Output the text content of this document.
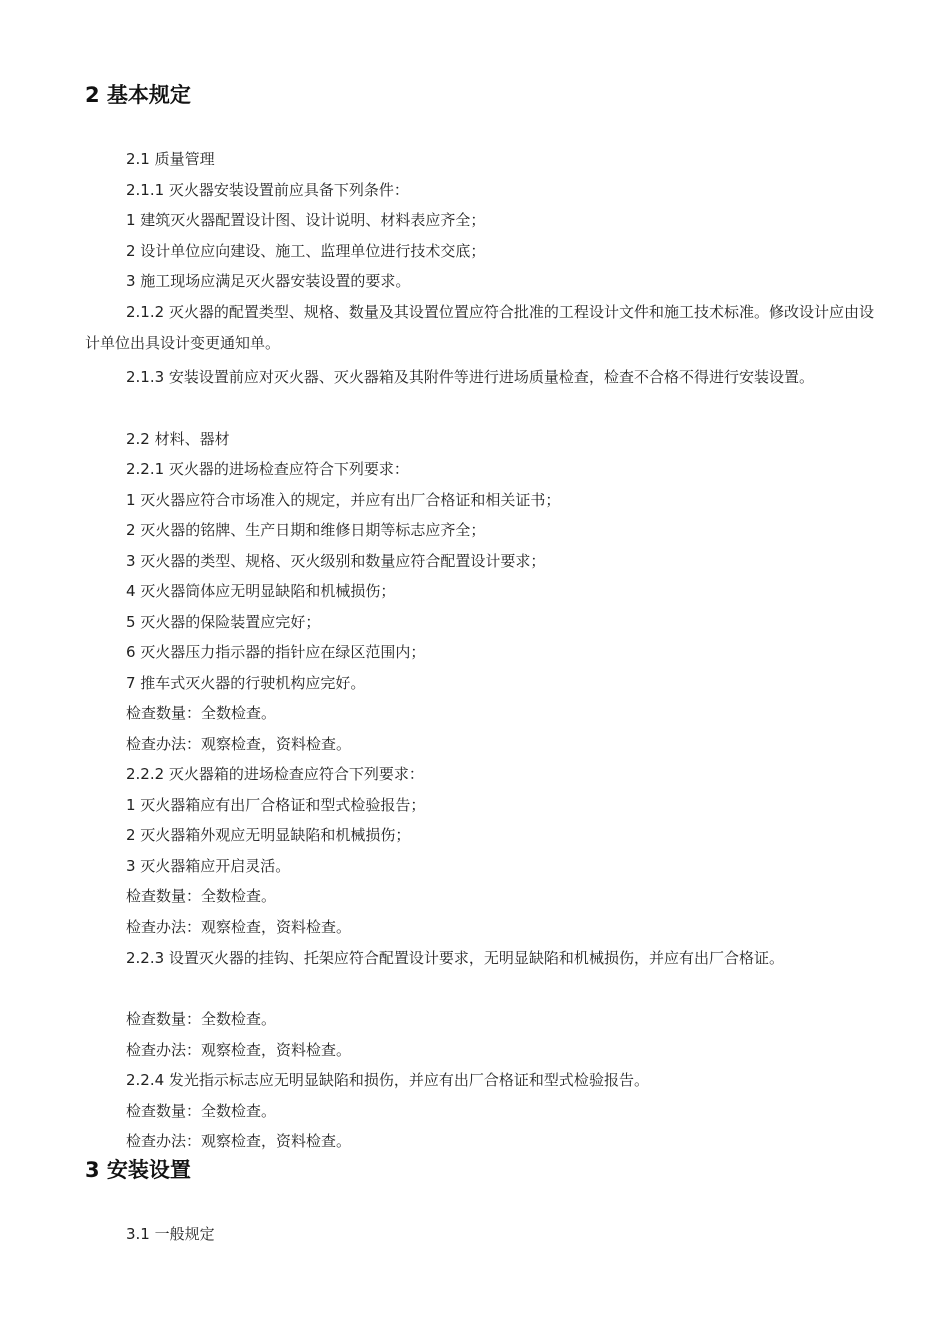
2 基本规定
2.1 质量管理
2.1.1 灭火器安装设置前应具备下列条件：
1 建筑灭火器配置设计图、设计说明、材料表应齐全；
2 设计单位应向建设、施工、监理单位进行技术交底；
3 施工现场应满足灭火器安装设置的要求。
2.1.2 灭火器的配置类型、规格、数量及其设置位置应符合批准的工程设计文件和施工技术标准。修改设计应由设计单位出具设计变更通知单。
2.1.3 安装设置前应对灭火器、灭火器箱及其附件等进行进场质量检查，检查不合格不得进行安装设置。
2.2 材料、器材
2.2.1 灭火器的进场检查应符合下列要求：
1 灭火器应符合市场准入的规定，并应有出厂合格证和相关证书；
2 灭火器的铭牌、生产日期和维修日期等标志应齐全；
3 灭火器的类型、规格、灭火级别和数量应符合配置设计要求；
4 灭火器筒体应无明显缺陷和机械损伤；
5 灭火器的保险装置应完好；
6 灭火器压力指示器的指针应在绿区范围内；
7 推车式灭火器的行驶机构应完好。
检查数量：全数检查。
检查办法：观察检查，资料检查。
2.2.2 灭火器箱的进场检查应符合下列要求：
1 灭火器箱应有出厂合格证和型式检验报告；
2 灭火器箱外观应无明显缺陷和机械损伤；
3 灭火器箱应开启灵活。
检查数量：全数检查。
检查办法：观察检查，资料检查。
2.2.3 设置灭火器的挂钩、托架应符合配置设计要求，无明显缺陷和机械损伤，并应有出厂合格证。
检查数量：全数检查。
检查办法：观察检查，资料检查。
2.2.4 发光指示标志应无明显缺陷和损伤，并应有出厂合格证和型式检验报告。
检查数量：全数检查。
检查办法：观察检查，资料检查。
3 安装设置
3.1 一般规定
